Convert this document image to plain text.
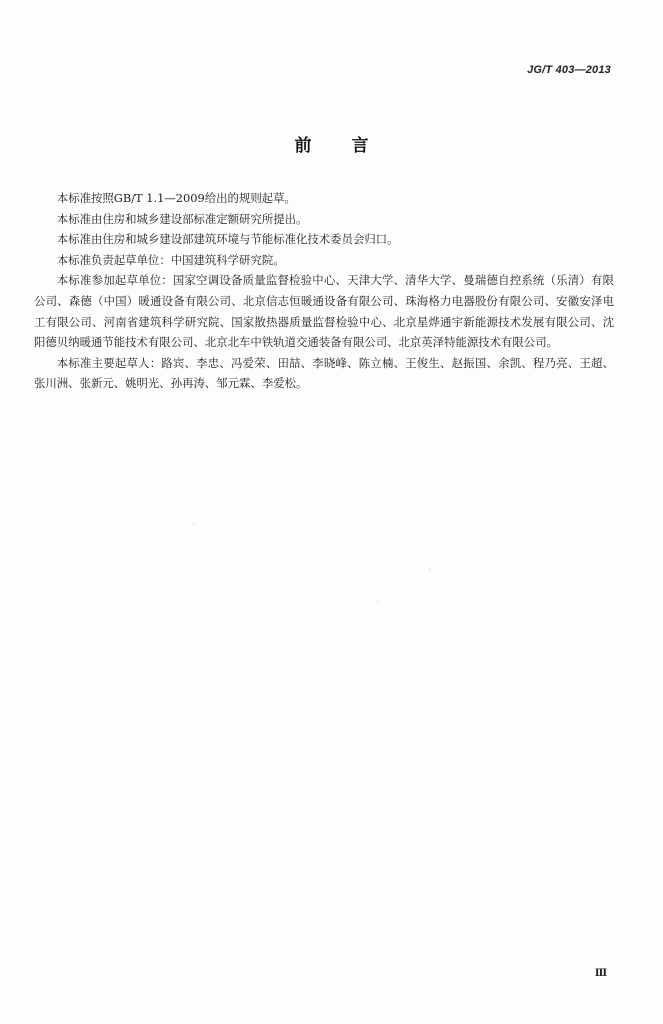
JG/T 403—2013
前言

本标准按照GB/T 1.1—2009给出的规则起草。

本标准由住房和城乡建设部标准定额研究所提出。

本标准由住房和城乡建设部建筑环境与节能标准化技术委员会归口。

本标准负责起草单位：中国建筑科学研究院。

本标准参加起草单位：国家空调设备质量监督检验中心、天津大学、清华大学、曼瑞德自控系统（乐清）有限公司、森德（中国）暖通设备有限公司、北京信志恒暖通设备有限公司、珠海格力电器股份有限公司、安徽安泽电工有限公司、河南省建筑科学研究院、国家散热器质量监督检验中心、北京星烨通宇新能源技术发展有限公司、沈阳德贝纳暖通节能技术有限公司、北京北车中铁轨道交通装备有限公司、北京英泽特能源技术有限公司。

本标准主要起草人：路宾、李忠、冯爱荣、田喆、李晓峰、陈立楠、王俊生、赵振国、余凯、程乃亮、王超、张川洲、张新元、姚明光、孙再涛、邹元霖、李爱松。

Ⅲ
